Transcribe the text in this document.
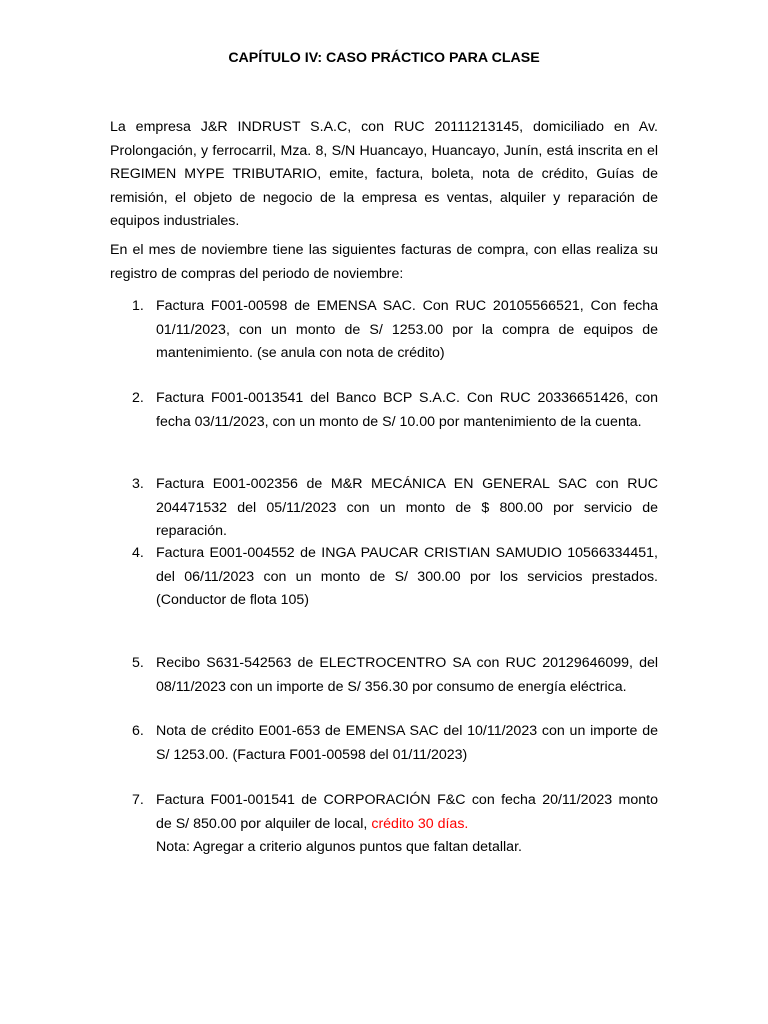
CAPÍTULO IV: CASO PRÁCTICO PARA CLASE

La empresa J&R INDRUST S.A.C, con RUC 20111213145, domiciliado en Av. Prolongación, y ferrocarril, Mza. 8, S/N Huancayo, Huancayo, Junín, está inscrita en el REGIMEN MYPE TRIBUTARIO, emite, factura, boleta, nota de crédito, Guías de remisión, el objeto de negocio de la empresa es ventas, alquiler y reparación de equipos industriales.

En el mes de noviembre tiene las siguientes facturas de compra, con ellas realiza su registro de compras del periodo de noviembre:

1. Factura F001-00598 de EMENSA SAC. Con RUC 20105566521, Con fecha 01/11/2023, con un monto de S/ 1253.00 por la compra de equipos de mantenimiento. (se anula con nota de crédito)
2. Factura F001-0013541 del Banco BCP S.A.C. Con RUC 20336651426, con fecha 03/11/2023, con un monto de S/ 10.00 por mantenimiento de la cuenta.
3. Factura E001-002356 de M&R MECÁNICA EN GENERAL SAC con RUC 204471532 del 05/11/2023 con un monto de $ 800.00 por servicio de reparación.
4. Factura E001-004552 de INGA PAUCAR CRISTIAN SAMUDIO 10566334451, del 06/11/2023 con un monto de S/ 300.00 por los servicios prestados. (Conductor de flota 105)
5. Recibo S631-542563 de ELECTROCENTRO SA con RUC 20129646099, del 08/11/2023 con un importe de S/ 356.30 por consumo de energía eléctrica.
6. Nota de crédito E001-653 de EMENSA SAC del 10/11/2023 con un importe de S/ 1253.00. (Factura F001-00598 del 01/11/2023)
7. Factura F001-001541 de CORPORACIÓN F&C con fecha 20/11/2023 monto de S/ 850.00 por alquiler de local, crédito 30 días.
Nota: Agregar a criterio algunos puntos que faltan detallar.
